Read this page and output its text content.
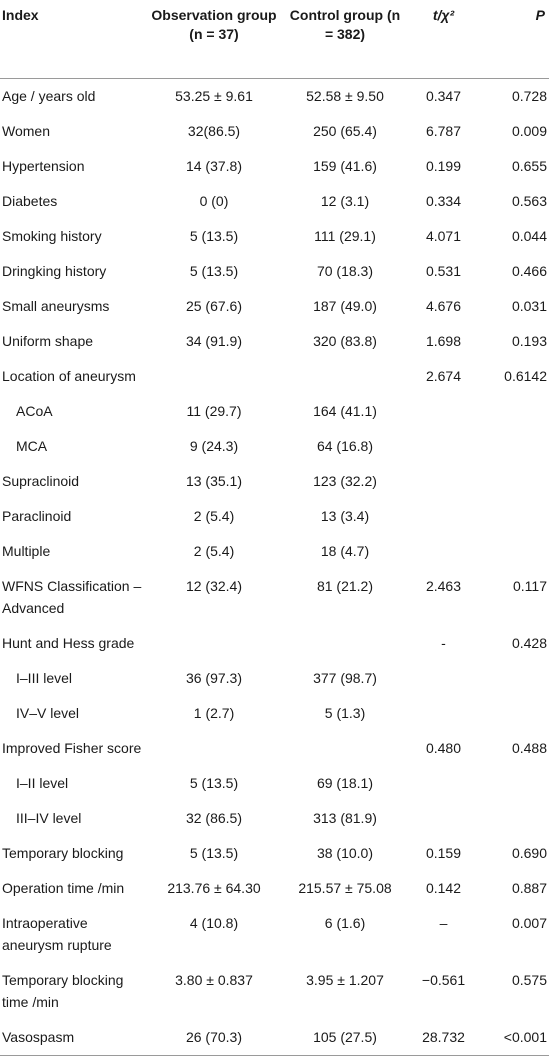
Index	Observation group (n = 37)	Control group (n = 382)	t/χ²	P
Age / years old	53.25 ± 9.61	52.58 ± 9.50	0.347	0.728
Women	32(86.5)	250 (65.4)	6.787	0.009
Hypertension	14 (37.8)	159 (41.6)	0.199	0.655
Diabetes	0 (0)	12 (3.1)	0.334	0.563
Smoking history	5 (13.5)	111 (29.1)	4.071	0.044
Dringking history	5 (13.5)	70 (18.3)	0.531	0.466
Small aneurysms	25 (67.6)	187 (49.0)	4.676	0.031
Uniform shape	34 (91.9)	320 (83.8)	1.698	0.193
Location of aneurysm			2.674	0.6142
ACoA	11 (29.7)	164 (41.1)		
MCA	9 (24.3)	64 (16.8)		
Supraclinoid	13 (35.1)	123 (32.2)		
Paraclinoid	2 (5.4)	13 (3.4)		
Multiple	2 (5.4)	18 (4.7)		
WFNS Classification – Advanced	12 (32.4)	81 (21.2)	2.463	0.117
Hunt and Hess grade			-	0.428
I–III level	36 (97.3)	377 (98.7)		
IV–V level	1 (2.7)	5 (1.3)		
Improved Fisher score			0.480	0.488
I–II level	5 (13.5)	69 (18.1)		
III–IV level	32 (86.5)	313 (81.9)		
Temporary blocking	5 (13.5)	38 (10.0)	0.159	0.690
Operation time /min	213.76 ± 64.30	215.57 ± 75.08	0.142	0.887
Intraoperative aneurysm rupture	4 (10.8)	6 (1.6)	–	0.007
Temporary blocking time /min	3.80 ± 0.837	3.95 ± 1.207	−0.561	0.575
Vasospasm	26 (70.3)	105 (27.5)	28.732	<0.001
